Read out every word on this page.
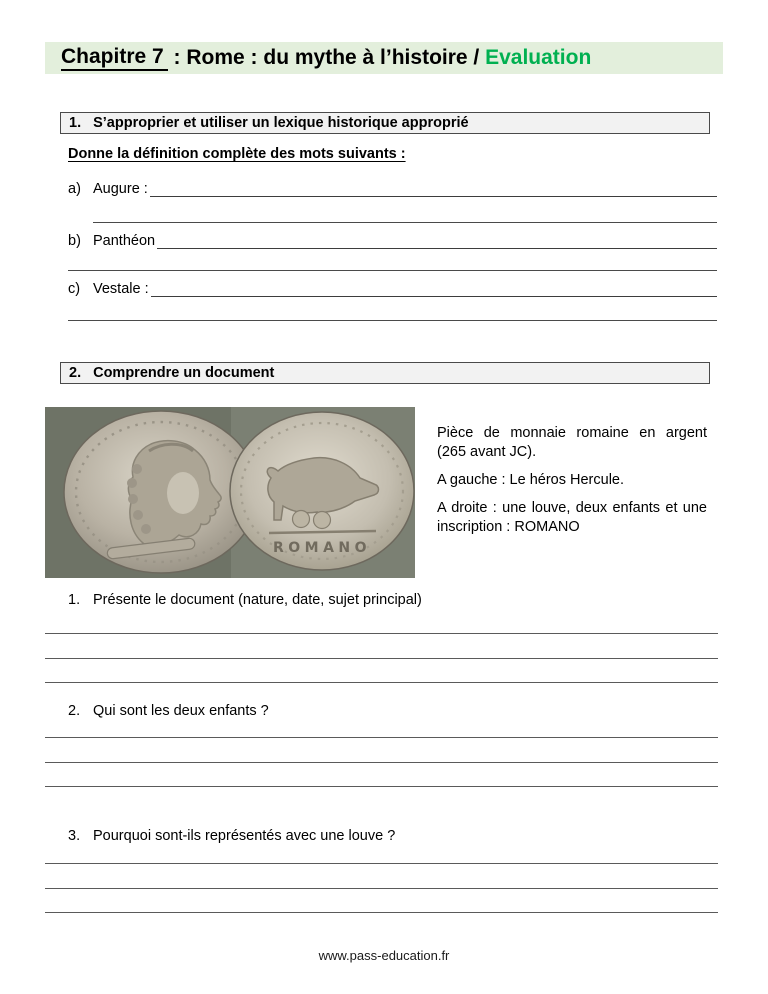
Chapitre 7 : Rome : du mythe à l’histoire / Evaluation
1. S’approprier et utiliser un lexique historique approprié
Donne la définition complète des mots suivants :
a) Augure :
b) Panthéon
c) Vestale :
2. Comprendre un document
ROMANO

Pièce de monnaie romaine en argent (265 avant JC).

A gauche : Le héros Hercule.

A droite : une louve, deux enfants et une inscription : ROMANO

1. Présente le document (nature, date, sujet principal)
2. Qui sont les deux enfants ?
3. Pourquoi sont-ils représentés avec une louve ?
www.pass-education.fr
